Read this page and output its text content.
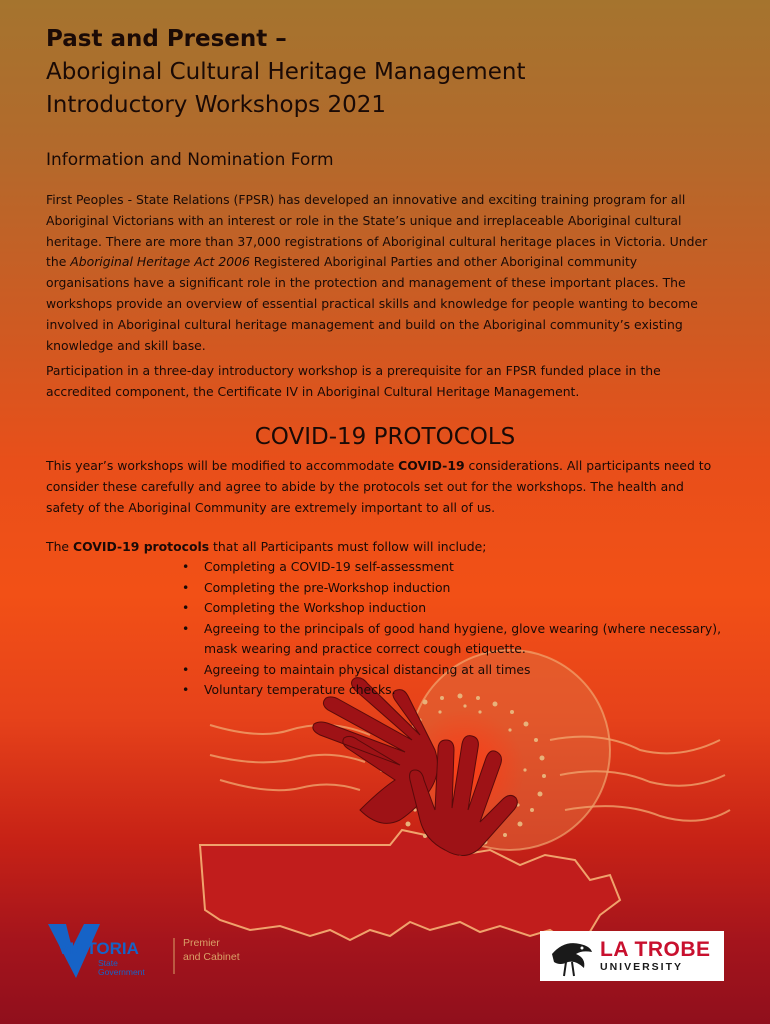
Past and Present –
Aboriginal Cultural Heritage Management
Introductory Workshops 2021
Information and Nomination Form

First Peoples - State Relations (FPSR) has developed an innovative and exciting training program for all Aboriginal Victorians with an interest or role in the State’s unique and irreplaceable Aboriginal cultural heritage. There are more than 37,000 registrations of Aboriginal cultural heritage places in Victoria. Under the Aboriginal Heritage Act 2006 Registered Aboriginal Parties and other Aboriginal community organisations have a significant role in the protection and management of these important places. The workshops provide an overview of essential practical skills and knowledge for people wanting to become involved in Aboriginal cultural heritage management and build on the Aboriginal community’s existing knowledge and skill base.

Participation in a three-day introductory workshop is a prerequisite for an FPSR funded place in the accredited component, the Certificate IV in Aboriginal Cultural Heritage Management.

COVID-19 PROTOCOLS

This year’s workshops will be modified to accommodate COVID-19 considerations. All participants need to consider these carefully and agree to abide by the protocols set out for the workshops. The health and safety of the Aboriginal Community are extremely important to all of us.

The COVID-19 protocols that all Participants must follow will include;

• Completing a COVID-19 self-assessment
• Completing the pre-Workshop induction
• Completing the Workshop induction
• Agreeing to the principals of good hand hygiene, glove wearing (where necessary), mask wearing and practice correct cough etiquette.
• Agreeing to maintain physical distancing at all times
• Voluntary temperature checks.
VICTORIA
State
Government
Premier
and Cabinet	LA TROBE
UNIVERSITY
